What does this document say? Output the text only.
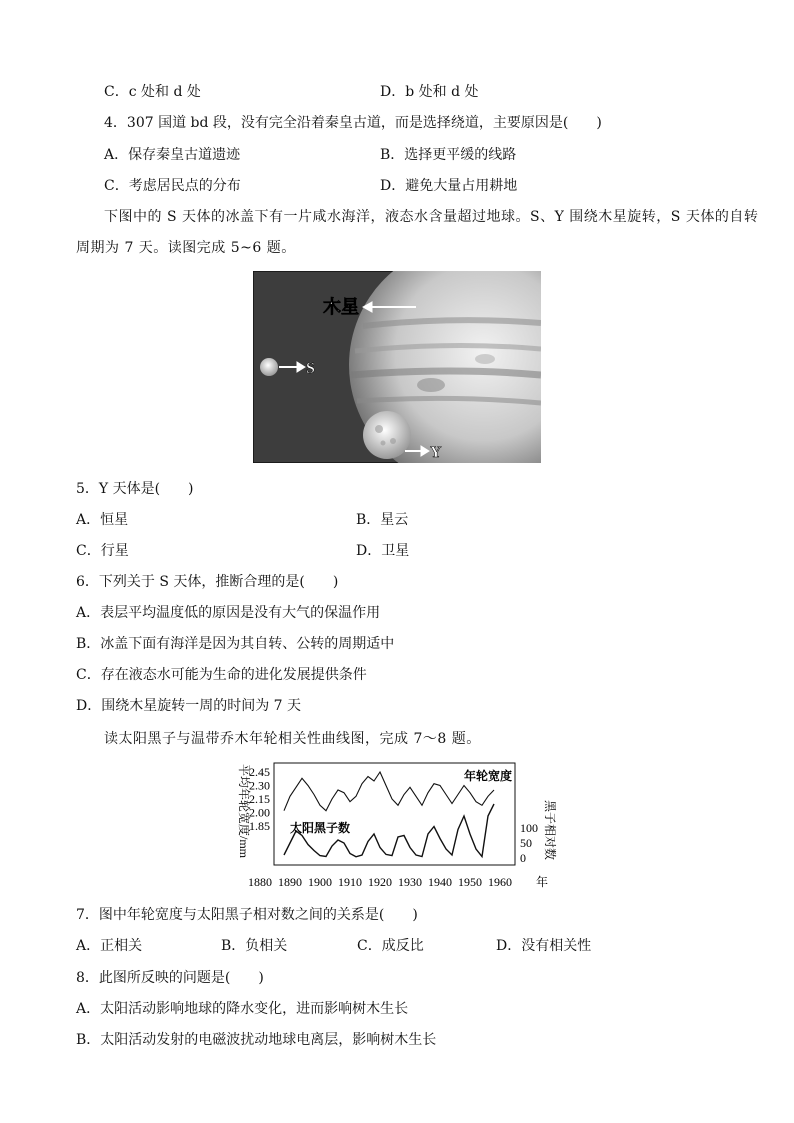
C．c 处和 d 处	D．b 处和 d 处
4．307 国道 bd 段，没有完全沿着秦皇古道，而是选择绕道，主要原因是(　　)
A．保存秦皇古道遗迹	B．选择更平缓的线路
C．考虑居民点的分布	D．避免大量占用耕地
下图中的 S 天体的冰盖下有一片咸水海洋，液态水含量超过地球。S、Y 围绕木星旋转，S 天体的自转
周期为 7 天。读图完成 5~6 题。
木星
S
Y
5．Y 天体是(　　)
A．恒星	B．星云
C．行星	D．卫星
6．下列关于 S 天体，推断合理的是(　　)
A．表层平均温度低的原因是没有大气的保温作用
B．冰盖下面有海洋是因为其自转、公转的周期适中
C．存在液态水可能为生命的进化发展提供条件
D．围绕木星旋转一周的时间为 7 天
读太阳黑子与温带乔木年轮相关性曲线图，完成 7～8 题。
2.45
2.30
2.15
2.00
1.85	100
50
0
1880 1890 1900 1910 1920 1930 1940 1950 1960
平均年轮宽度/mm	黑子相对数
年轮宽度
太阳黑子数
年
7．图中年轮宽度与太阳黑子相对数之间的关系是(　　)
A．正相关	B．负相关	C．成反比	D．没有相关性
8．此图所反映的问题是(　　)
A．太阳活动影响地球的降水变化，进而影响树木生长
B．太阳活动发射的电磁波扰动地球电离层，影响树木生长
